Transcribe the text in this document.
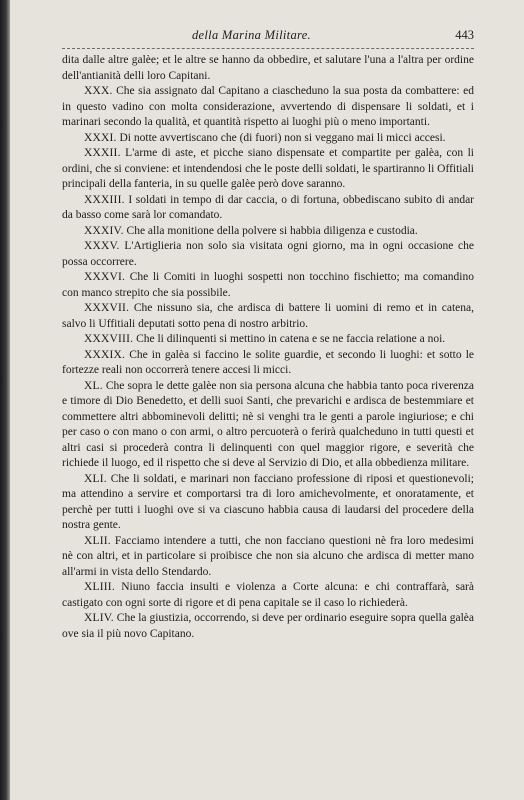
della Marina Militare.	443

dita dalle altre galèe; et le altre se hanno da obbedire, et salutare l'una a l'altra per ordine dell'antianità delli loro Capitani.

XXX. Che sia assignato dal Capitano a ciascheduno la sua posta da combattere: ed in questo vadino con molta considerazione, avvertendo di dispensare li soldati, et i marinari secondo la qualità, et quantità rispetto ai luoghi più o meno importanti.

XXXI. Di notte avvertiscano che (di fuori) non si veggano mai li micci accesi.

XXXII. L'arme di aste, et picche siano dispensate et compartite per galèa, con li ordini, che si conviene: et intendendosi che le poste delli soldati, le spartiranno li Offitiali principali della fanteria, in su quelle galèe però dove saranno.

XXXIII. I soldati in tempo di dar caccia, o di fortuna, obbediscano subito di andar da basso come sarà lor comandato.

XXXIV. Che alla monitione della polvere si habbia diligenza e custodia.

XXXV. L'Artiglieria non solo sia visitata ogni giorno, ma in ogni occasione che possa occorrere.

XXXVI. Che li Comiti in luoghi sospetti non tocchino fischietto; ma comandino con manco strepito che sia possibile.

XXXVII. Che nissuno sia, che ardisca di battere li uomini di remo et in catena, salvo li Uffitiali deputati sotto pena di nostro arbitrio.

XXXVIII. Che li dilinquenti si mettino in catena e se ne faccia relatione a noi.

XXXIX. Che in galèa si faccino le solite guardie, et secondo li luoghi: et sotto le fortezze reali non occorrerà tenere accesi li micci.

XL. Che sopra le dette galèe non sia persona alcuna che habbia tanto poca riverenza e timore di Dio Benedetto, et delli suoi Santi, che prevarichi e ardisca de bestemmiare et commettere altri abbominevoli delitti; nè si venghi tra le genti a parole ingiuriose; e chi per caso o con mano o con armi, o altro percuoterà o ferirà qualcheduno in tutti questi et altri casi si procederà contra li delinquenti con quel maggior rigore, e severità che richiede il luogo, ed il rispetto che si deve al Servizio di Dio, et alla obbedienza militare.

XLI. Che li soldati, e marinari non facciano professione di riposi et questionevoli; ma attendino a servire et comportarsi tra di loro amichevolmente, et onoratamente, et perchè per tutti i luoghi ove si va ciascuno habbia causa di laudarsi del procedere della nostra gente.

XLII. Facciamo intendere a tutti, che non facciano questioni nè fra loro medesimi nè con altri, et in particolare si proibisce che non sia alcuno che ardisca di metter mano all'armi in vista dello Stendardo.

XLIII. Niuno faccia insulti e violenza a Corte alcuna: e chi contraffarà, sarà castigato con ogni sorte di rigore et di pena capitale se il caso lo richiederà.

XLIV. Che la giustizia, occorrendo, si deve per ordinario eseguire sopra quella galèa ove sia il più novo Capitano.
